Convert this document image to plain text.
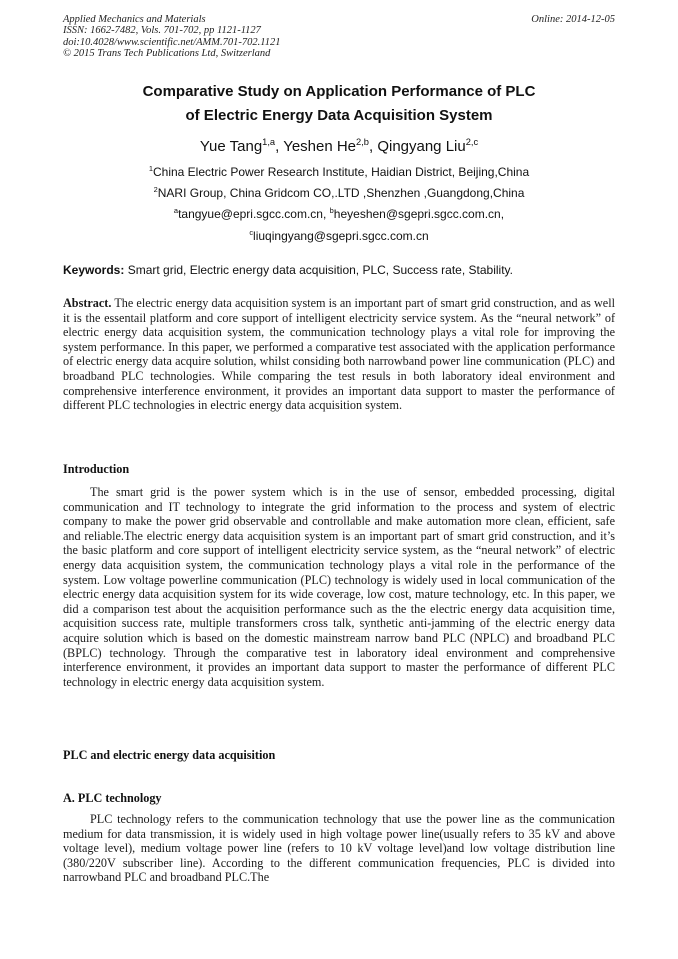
Applied Mechanics and Materials
ISSN: 1662-7482, Vols. 701-702, pp 1121-1127
doi:10.4028/www.scientific.net/AMM.701-702.1121
© 2015 Trans Tech Publications Ltd, Switzerland
Online: 2014-12-05
Comparative Study on Application Performance of PLC
of Electric Energy Data Acquisition System
Yue Tang$^{1,a}$, Yeshen He$^{2,b}$, Qingyang Liu$^{2,c}$
$^1$China Electric Power Research Institute, Haidian District, Beijing,China
$^2$NARI Group, China Gridcom CO,.LTD ,Shenzhen ,Guangdong,China
$^a$tangyue@epri.sgcc.com.cn, $^b$heyeshen@sgepri.sgcc.com.cn,
$^c$liuqingyang@sgepri.sgcc.com.cn
Keywords: Smart grid, Electric energy data acquisition, PLC, Success rate, Stability.
Abstract. The electric energy data acquisition system is an important part of smart grid construction, and as well it is the essentail platform and core support of intelligent electricity service system. As the “neural network” of electric energy data acquisition system, the communication technology plays a vital role for improving the system performance. In this paper, we performed a comparative test associated with the application performance of electric energy data acquire solution, whilst considing both narrowband power line communication (PLC) and broadband PLC technologies. While comparing the test resuls in both laboratory ideal environment and comprehensive interference environment, it provides an important data support to master the performance of different PLC technologies in electric energy data acquisition system.
Introduction
The smart grid is the power system which is in the use of sensor, embedded processing, digital communication and IT technology to integrate the grid information to the process and system of electric company to make the power grid observable and controllable and make automation more clean, efficient, safe and reliable.The electric energy data acquisition system is an important part of smart grid construction, and it’s the basic platform and core support of intelligent electricity service system, as the “neural network” of electric energy data acquisition system, the communication technology plays a vital role in the performance of the system. Low voltage powerline communication (PLC) technology is widely used in local communication of the electric energy data acquisition system for its wide coverage, low cost, mature technology, etc. In this paper, we did a comparison test about the acquisition performance such as the the electric energy data acquisition time, acquisition success rate, multiple transformers cross talk, synthetic anti-jamming of the electric energy data acquire solution which is based on the domestic mainstream narrow band PLC (NPLC) and broadband PLC (BPLC) technology. Through the comparative test in laboratory ideal environment and comprehensive interference environment, it provides an important data support to master the performance of different PLC technology in electric energy data acquisition system.
PLC and electric energy data acquisition
A. PLC technology
PLC technology refers to the communication technology that use the power line as the communication medium for data transmission, it is widely used in high voltage power line(usually refers to 35 kV and above voltage level), medium voltage power line (refers to 10 kV voltage level)and low voltage distribution line (380/220V subscriber line). According to the different communication frequencies, PLC is divided into narrowband PLC and broadband PLC.The
